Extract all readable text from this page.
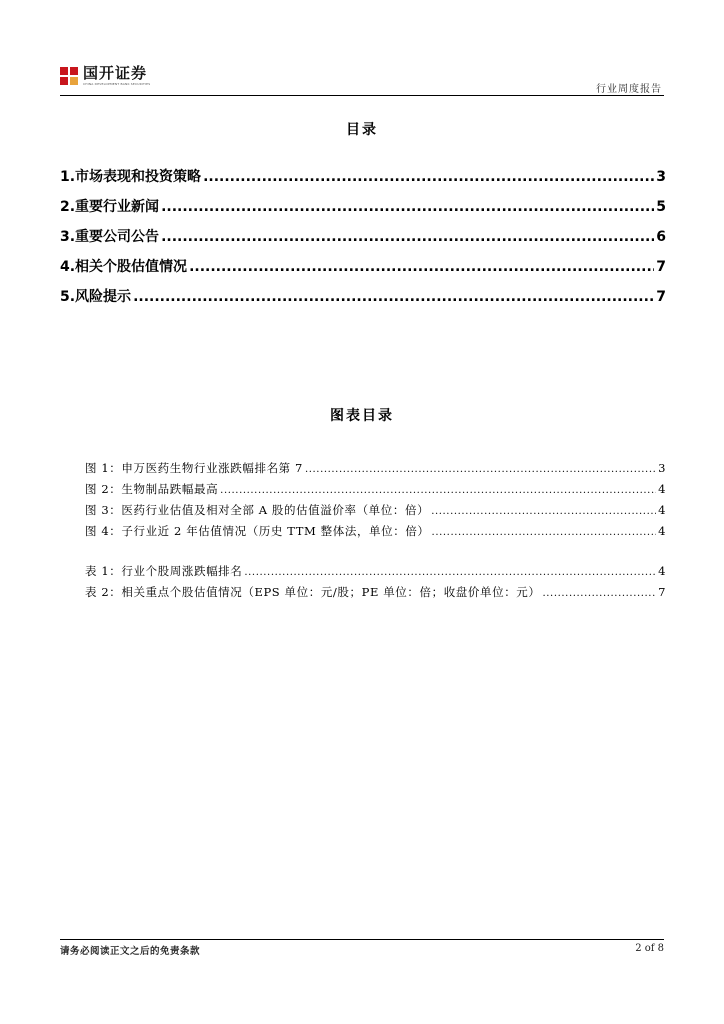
国开证券
CHINA DEVELOPMENT BANK SECURITIES	行业周度报告
目录
1.市场表现和投资策略 .....	3
2.重要行业新闻 .....	5
3.重要公司公告 .....	6
4.相关个股估值情况 .....	7
5.风险提示 .....	7
图表目录
图 1：申万医药生物行业涨跌幅排名第 7 .....	3
图 2：生物制品跌幅最高 .....	4
图 3：医药行业估值及相对全部 A 股的估值溢价率（单位：倍） .....	4
图 4：子行业近 2 年估值情况（历史 TTM 整体法，单位：倍） .....	4
表 1：行业个股周涨跌幅排名 .....	4
表 2：相关重点个股估值情况（EPS 单位：元/股；PE 单位：倍；收盘价单位：元） .....	7
请务必阅读正文之后的免责条款	2 of 8
